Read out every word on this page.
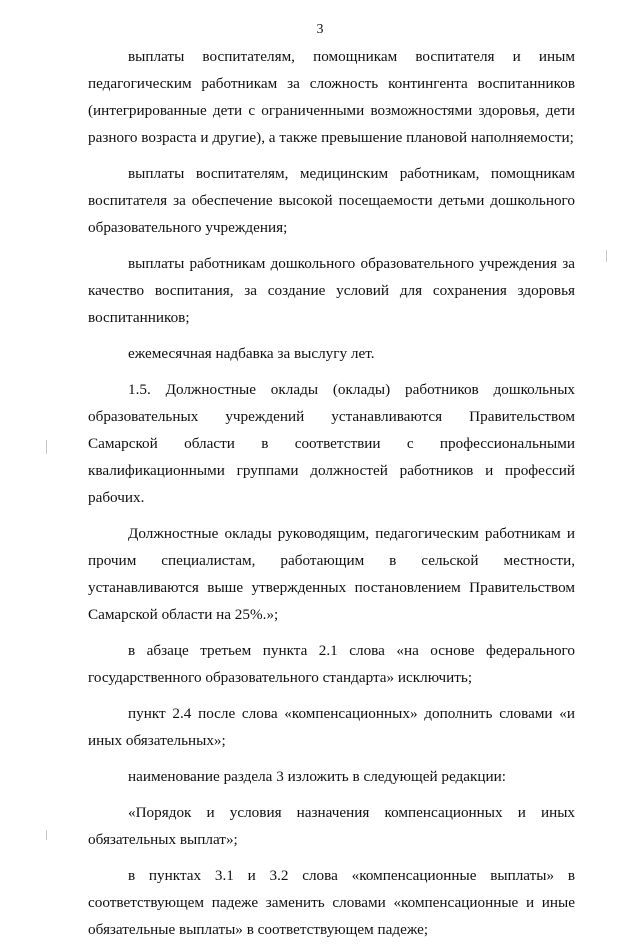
3

выплаты воспитателям, помощникам воспитателя и иным педагогическим работникам за сложность контингента воспитанников (интегрированные дети с ограниченными возможностями здоровья, дети разного возраста и другие), а также превышение плановой наполняемости;

выплаты воспитателям, медицинским работникам, помощникам воспитателя за обеспечение высокой посещаемости детьми дошкольного образовательного учреждения;

выплаты работникам дошкольного образовательного учреждения за качество воспитания, за создание условий для сохранения здоровья воспитанников;

ежемесячная надбавка за выслугу лет.

1.5. Должностные оклады (оклады) работников дошкольных образовательных учреждений устанавливаются Правительством Самарской области в соответствии с профессиональными квалификационными группами должностей работников и профессий рабочих.

Должностные оклады руководящим, педагогическим работникам и прочим специалистам, работающим в сельской местности, устанавливаются выше утвержденных постановлением Правительством Самарской области на 25%.»;

в абзаце третьем пункта 2.1 слова «на основе федерального государственного образовательного стандарта» исключить;

пункт 2.4 после слова «компенсационных» дополнить словами «и иных обязательных»;

наименование раздела 3 изложить в следующей редакции:

«Порядок и условия назначения компенсационных и иных обязательных выплат»;

в пунктах 3.1 и 3.2 слова «компенсационные выплаты» в соответствующем падеже заменить словами «компенсационные и иные обязательные выплаты» в соответствующем падеже;
